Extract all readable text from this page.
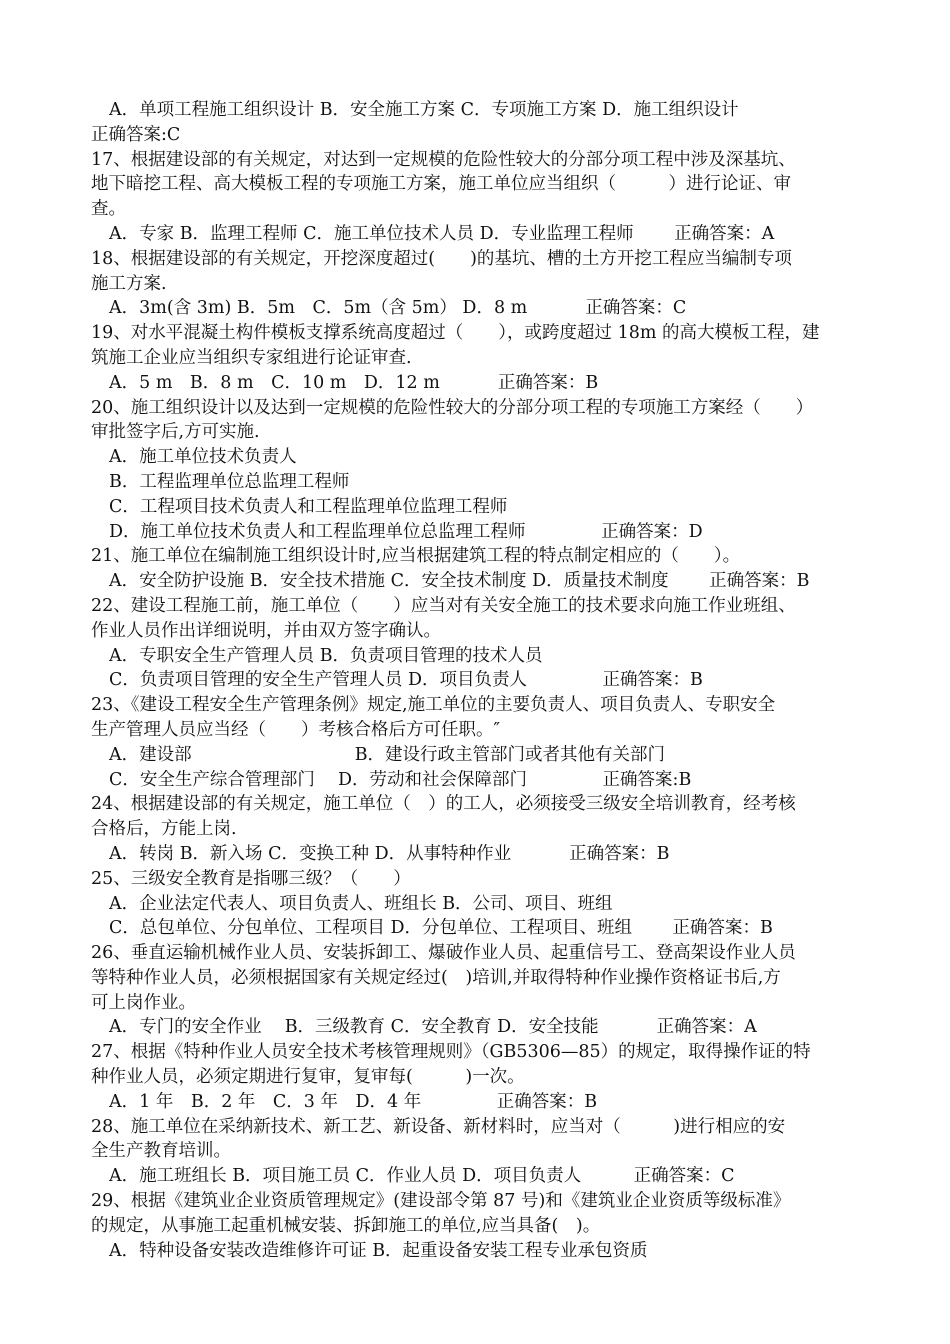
A．单项工程施工组织设计 B．安全施工方案 C．专项施工方案 D．施工组织设计
正确答案:C
17、根据建设部的有关规定，对达到一定规模的危险性较大的分部分项工程中涉及深基坑、
地下暗挖工程、高大模板工程的专项施工方案，施工单位应当组织（　　　）进行论证、审
查。
A．专家 B．监理工程师 C．施工单位技术人员 D．专业监理工程师　　 正确答案：A
18、根据建设部的有关规定，开挖深度超过(　　)的基坑、槽的土方开挖工程应当编制专项
施工方案.
A．3m(含 3m) B．5m　C．5m（含 5m） D．8 m　　　 正确答案：C
19、对水平混凝土构件模板支撑系统高度超过（　　），或跨度超过 18m 的高大模板工程，建
筑施工企业应当组织专家组进行论证审查.
A．5 m　B．8 m　C．10 m　D．12 m　　　 正确答案：B
20、施工组织设计以及达到一定规模的危险性较大的分部分项工程的专项施工方案经（　　）
审批签字后,方可实施.
A．施工单位技术负责人
B．工程监理单位总监理工程师
C．工程项目技术负责人和工程监理单位监理工程师
D．施工单位技术负责人和工程监理单位总监理工程师　　　　 正确答案：D
21、施工单位在编制施工组织设计时,应当根据建筑工程的特点制定相应的（　　）。
A．安全防护设施 B．安全技术措施 C．安全技术制度 D．质量技术制度　　 正确答案：B
22、建设工程施工前，施工单位（　　）应当对有关安全施工的技术要求向施工作业班组、
作业人员作出详细说明，并由双方签字确认。
A．专职安全生产管理人员 B．负责项目管理的技术人员
C．负责项目管理的安全生产管理人员 D．项目负责人　　　　 正确答案：B
23、《建设工程安全生产管理条例》规定,施工单位的主要负责人、项目负责人、专职安全
生产管理人员应当经（　　）考核合格后方可任职。″
A．建设部　　　　　　　　　 B．建设行政主管部门或者其他有关部门
C．安全生产综合管理部门　 D．劳动和社会保障部门　　　　 正确答案:B
24、根据建设部的有关规定，施工单位（　）的工人，必须接受三级安全培训教育，经考核
合格后，方能上岗.
A．转岗 B．新入场 C．变换工种 D．从事特种作业　　　 正确答案：B
25、三级安全教育是指哪三级？（　　）
A．企业法定代表人、项目负责人、班组长 B．公司、项目、班组
C．总包单位、分包单位、工程项目 D．分包单位、工程项目、班组　　 正确答案：B
26、垂直运输机械作业人员、安装拆卸工、爆破作业人员、起重信号工、登高架设作业人员
等特种作业人员，必须根据国家有关规定经过(　)培训,并取得特种作业操作资格证书后,方
可上岗作业。
A．专门的安全作业　 B．三级教育 C．安全教育 D．安全技能　　　 正确答案：A
27、根据《特种作业人员安全技术考核管理规则》（GB5306—85）的规定，取得操作证的特
种作业人员，必须定期进行复审，复审每(　　　)一次。
A．1 年　B．2 年　C．3 年　D．4 年　　　　 正确答案：B
28、施工单位在采纳新技术、新工艺、新设备、新材料时，应当对（　　　)进行相应的安
全生产教育培训。
A．施工班组长 B．项目施工员 C．作业人员 D．项目负责人　　　正确答案：C
29、根据《建筑业企业资质管理规定》(建设部令第 87 号)和《建筑业企业资质等级标准》
的规定，从事施工起重机械安装、拆卸施工的单位,应当具备(　)。
A．特种设备安装改造维修许可证 B．起重设备安装工程专业承包资质
